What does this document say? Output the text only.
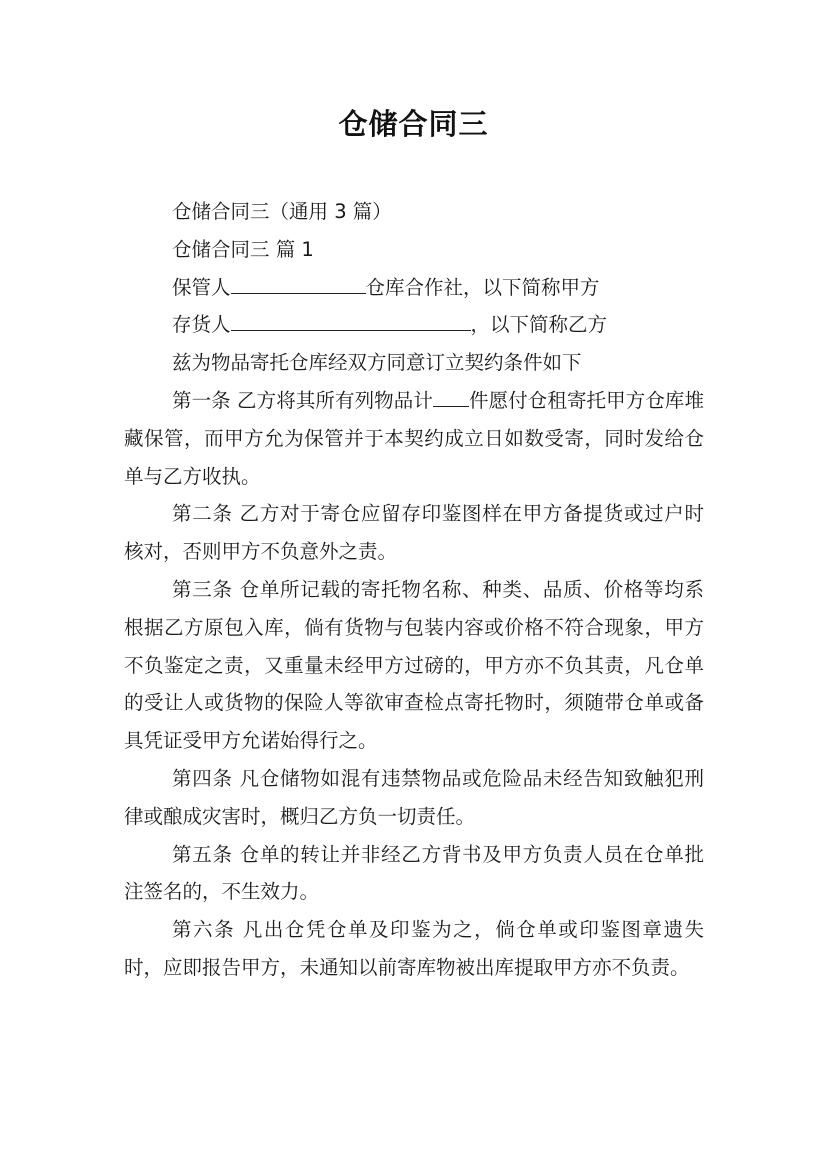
仓储合同三

仓储合同三（通用 3 篇）

仓储合同三 篇 1

保管人	仓库合作社，以下简称甲方

存货人	，以下简称乙方

兹为物品寄托仓库经双方同意订立契约条件如下

第一条 乙方将其所有列物品计 件愿付仓租寄托甲方仓库堆藏保管，而甲方允为保管并于本契约成立日如数受寄，同时发给仓单与乙方收执。

第二条 乙方对于寄仓应留存印鉴图样在甲方备提货或过户时核对，否则甲方不负意外之责。

第三条 仓单所记载的寄托物名称、种类、品质、价格等均系根据乙方原包入库，倘有货物与包装内容或价格不符合现象，甲方不负鉴定之责，又重量未经甲方过磅的，甲方亦不负其责，凡仓单的受让人或货物的保险人等欲审查检点寄托物时，须随带仓单或备具凭证受甲方允诺始得行之。

第四条 凡仓储物如混有违禁物品或危险品未经告知致触犯刑律或酿成灾害时，概归乙方负一切责任。

第五条 仓单的转让并非经乙方背书及甲方负责人员在仓单批注签名的，不生效力。

第六条 凡出仓凭仓单及印鉴为之，倘仓单或印鉴图章遗失时，应即报告甲方，未通知以前寄库物被出库提取甲方亦不负责。
